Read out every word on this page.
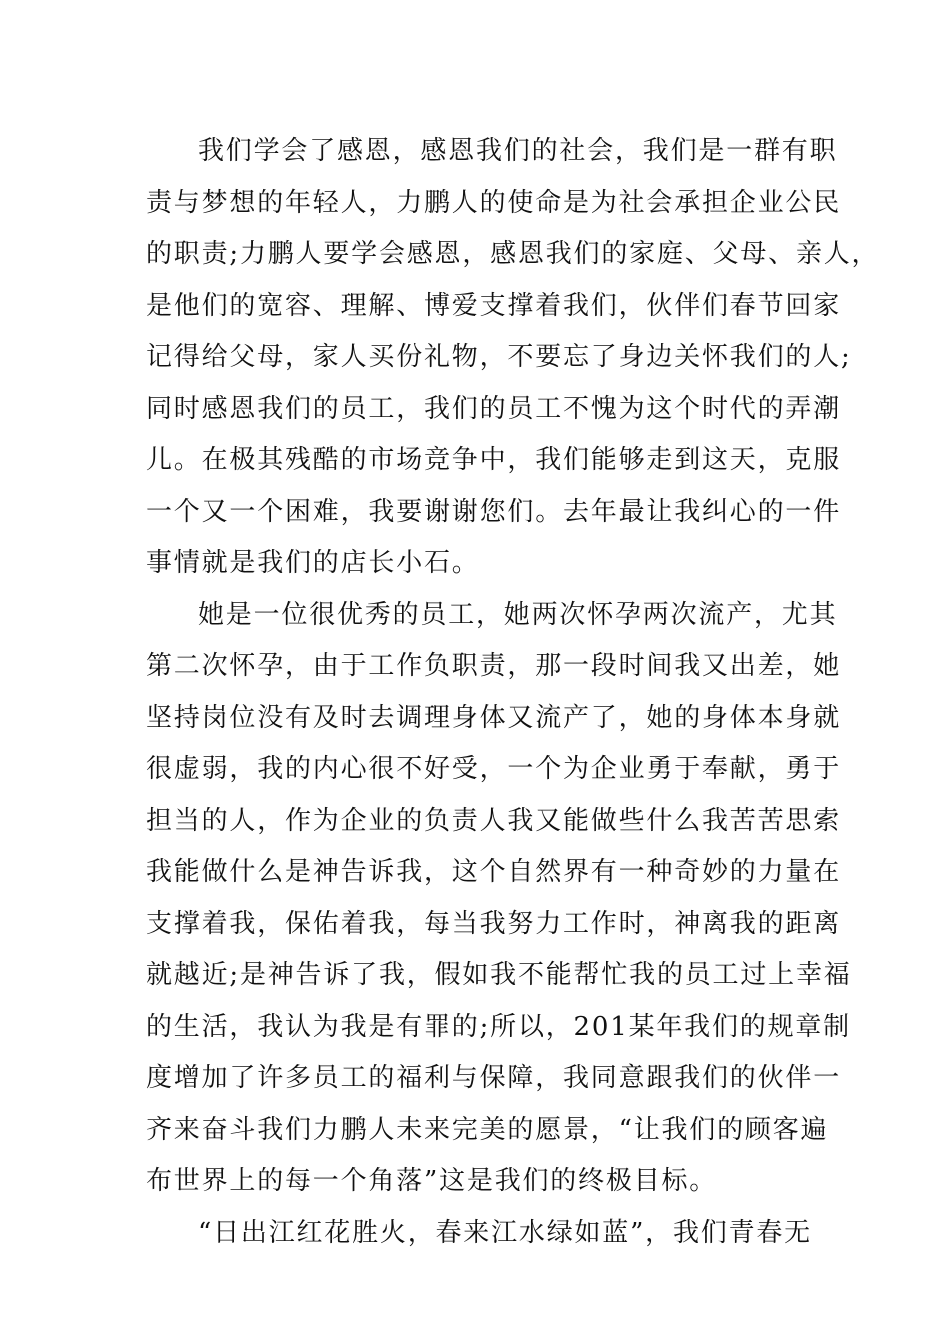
我们学会了感恩，感恩我们的社会，我们是一群有职
责与梦想的年轻人，力鹏人的使命是为社会承担企业公民
的职责;力鹏人要学会感恩，感恩我们的家庭、父母、亲人，
是他们的宽容、理解、博爱支撑着我们，伙伴们春节回家
记得给父母，家人买份礼物，不要忘了身边关怀我们的人;
同时感恩我们的员工，我们的员工不愧为这个时代的弄潮
儿。在极其残酷的市场竞争中，我们能够走到这天，克服
一个又一个困难，我要谢谢您们。去年最让我纠心的一件
事情就是我们的店长小石。
她是一位很优秀的员工，她两次怀孕两次流产，尤其
第二次怀孕，由于工作负职责，那一段时间我又出差，她
坚持岗位没有及时去调理身体又流产了，她的身体本身就
很虚弱，我的内心很不好受，一个为企业勇于奉献，勇于
担当的人，作为企业的负责人我又能做些什么我苦苦思索
我能做什么是神告诉我，这个自然界有一种奇妙的力量在
支撑着我，保佑着我，每当我努力工作时，神离我的距离
就越近;是神告诉了我，假如我不能帮忙我的员工过上幸福
的生活，我认为我是有罪的;所以，201某年我们的规章制
度增加了许多员工的福利与保障，我同意跟我们的伙伴一
齐来奋斗我们力鹏人未来完美的愿景，“让我们的顾客遍
布世界上的每一个角落”这是我们的终极目标。
“日出江红花胜火，春来江水绿如蓝”，我们青春无
